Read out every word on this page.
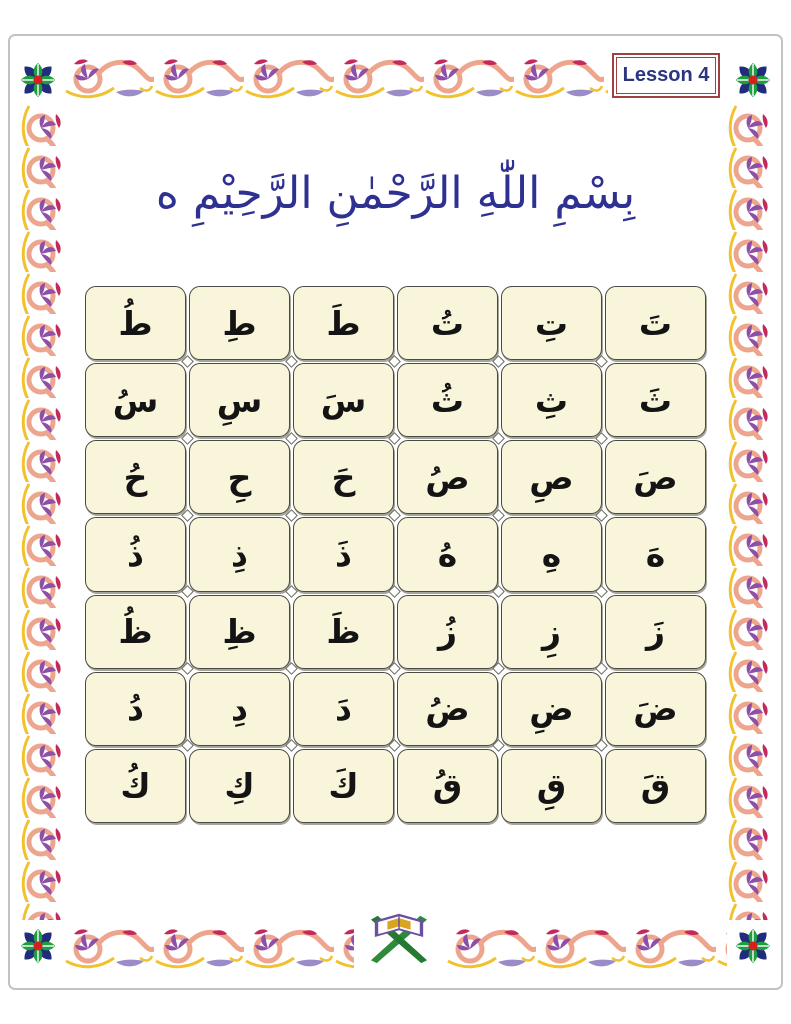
Lesson 4
بِسْمِ اللّٰهِ الرَّحْمٰنِ الرَّحِيْمِ ه
تَ
تِ
تُ
طَ
طِ
طُ
ثَ
ثِ
ثُ
سَ
سِ
سُ
صَ
صِ
صُ
حَ
حِ
حُ
هَ
هِ
هُ
ذَ
ذِ
ذُ
زَ
زِ
زُ
ظَ
ظِ
ظُ
ضَ
ضِ
ضُ
دَ
دِ
دُ
قَ
قِ
قُ
كَ
كِ
كُ
